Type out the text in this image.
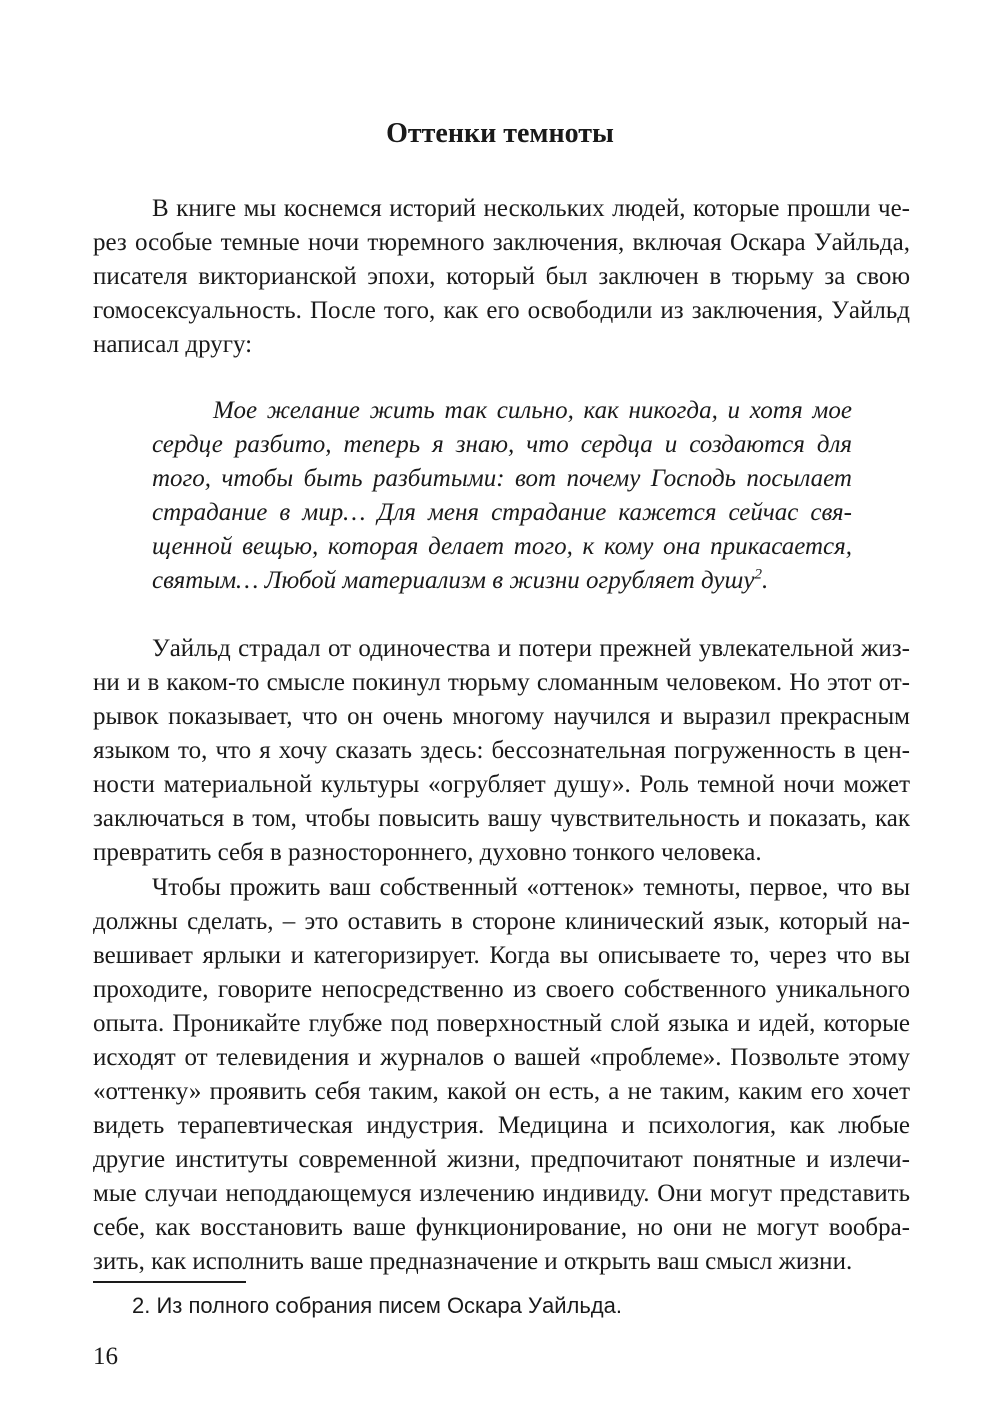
Оттенки темноты
В книге мы коснемся историй нескольких людей, которые прошли че-
рез особые темные ночи тюремного заключения, включая Оскара Уайльда,
писателя викторианской эпохи, который был заключен в тюрьму за свою
гомосексуальность. После того, как его освободили из заключения, Уайльд
написал другу:
Мое желание жить так сильно, как никогда, и хотя мое
сердце разбито, теперь я знаю, что сердца и создаются для
того, чтобы быть разбитыми: вот почему Господь посылает
страдание в мир… Для меня страдание кажется сейчас свя-
щенной вещью, которая делает того, к кому она прикасается,
святым… Любой материализм в жизни огрубляет душу$^2$.
Уайльд страдал от одиночества и потери прежней увлекательной жиз-
ни и в каком-то смысле покинул тюрьму сломанным человеком. Но этот от-
рывок показывает, что он очень многому научился и выразил прекрасным
языком то, что я хочу сказать здесь: бессознательная погруженность в цен-
ности материальной культуры «огрубляет душу». Роль темной ночи может
заключаться в том, чтобы повысить вашу чувствительность и показать, как
превратить себя в разностороннего, духовно тонкого человека.
Чтобы прожить ваш собственный «оттенок» темноты, первое, что вы
должны сделать, – это оставить в стороне клинический язык, который на-
вешивает ярлыки и категоризирует. Когда вы описываете то, через что вы
проходите, говорите непосредственно из своего собственного уникального
опыта. Проникайте глубже под поверхностный слой языка и идей, которые
исходят от телевидения и журналов о вашей «проблеме». Позвольте этому
«оттенку» проявить себя таким, какой он есть, а не таким, каким его хочет
видеть терапевтическая индустрия. Медицина и психология, как любые
другие институты современной жизни, предпочитают понятные и излечи-
мые случаи неподдающемуся излечению индивиду. Они могут представить
себе, как восстановить ваше функционирование, но они не могут вообра-
зить, как исполнить ваше предназначение и открыть ваш смысл жизни.
2. Из полного собрания писем Оскара Уайльда.
16
